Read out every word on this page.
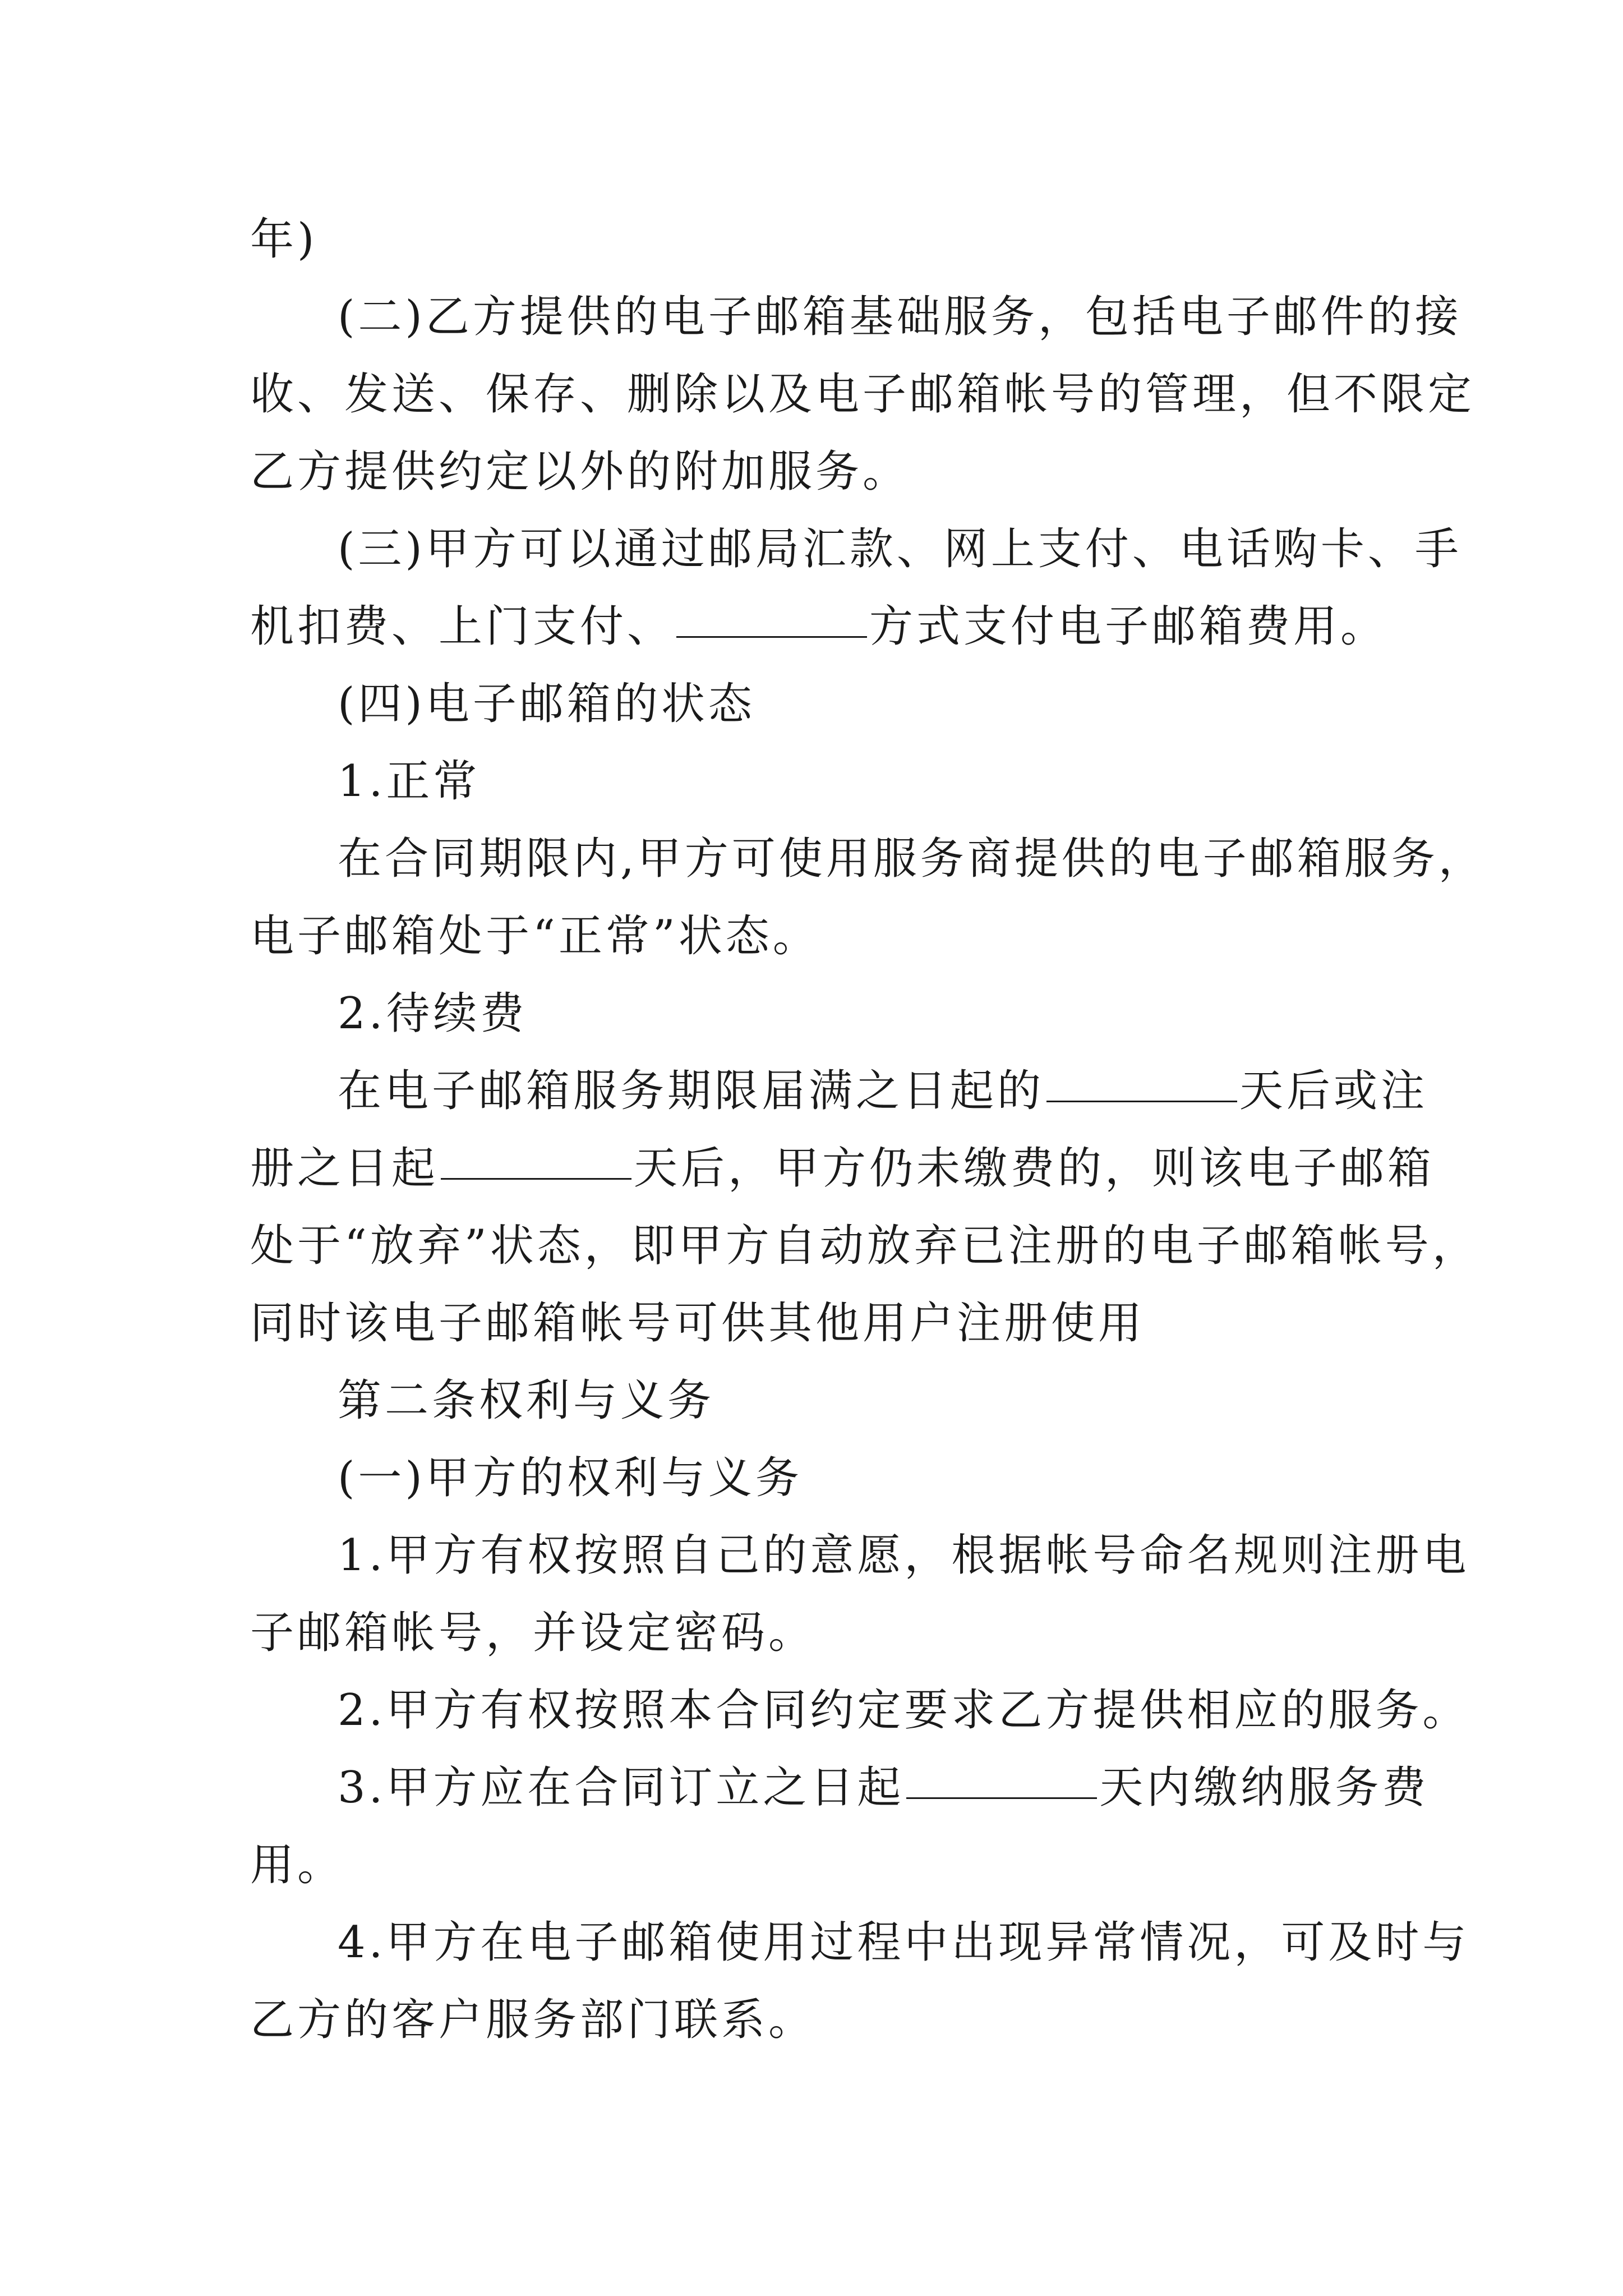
年)
(二)乙方提供的电子邮箱基础服务，包括电子邮件的接
收、发送、保存、删除以及电子邮箱帐号的管理，但不限定
乙方提供约定以外的附加服务。
(三)甲方可以通过邮局汇款、网上支付、电话购卡、手
机扣费、上门支付、	方式支付电子邮箱费用。
(四)电子邮箱的状态
1.正常
在合同期限内,甲方可使用服务商提供的电子邮箱服务，
电子邮箱处于“正常”状态。
2.待续费
在电子邮箱服务期限届满之日起的	天后或注
册之日起	天后，甲方仍未缴费的，则该电子邮箱
处于“放弃”状态，即甲方自动放弃已注册的电子邮箱帐号，
同时该电子邮箱帐号可供其他用户注册使用
第二条权利与义务
(一)甲方的权利与义务
1.甲方有权按照自己的意愿，根据帐号命名规则注册电
子邮箱帐号，并设定密码。
2.甲方有权按照本合同约定要求乙方提供相应的服务。
3.甲方应在合同订立之日起	天内缴纳服务费
用。
4.甲方在电子邮箱使用过程中出现异常情况，可及时与
乙方的客户服务部门联系。
